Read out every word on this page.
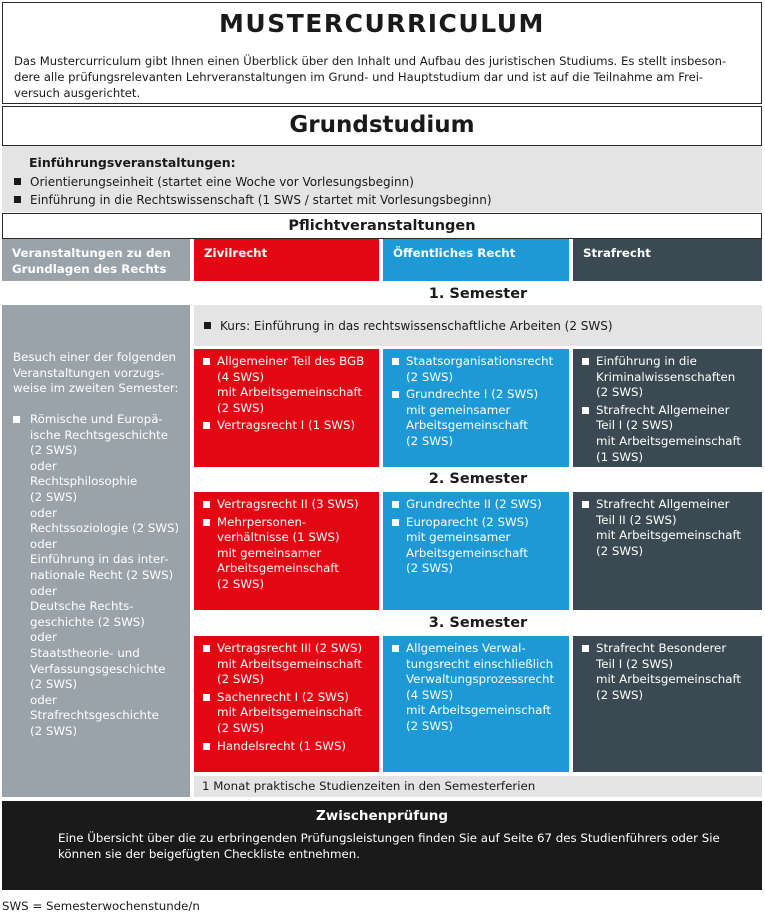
MUSTERCURRICULUM
Das Mustercurriculum gibt Ihnen einen Überblick über den Inhalt und Aufbau des juristischen Studiums. Es stellt insbeson-
dere alle prüfungsrelevanten Lehrveranstaltungen im Grund- und Hauptstudium dar und ist auf die Teilnahme am Frei-
versuch ausgerichtet.
Grundstudium
Einführungsveranstaltungen:
Orientierungseinheit (startet eine Woche vor Vorlesungsbeginn)
Einführung in die Rechtswissenschaft (1 SWS / startet mit Vorlesungsbeginn)
Pflichtveranstaltungen
Veranstaltungen zu den
Grundlagen des Rechts
Zivilrecht	Öffentliches Recht	Strafrecht
1. Semester
2. Semester
3. Semester
Besuch einer der folgenden
Veranstaltungen vorzugs-
weise im zweiten Semester:
Römische und Europä-
ische Rechtsgeschichte
(2 SWS)
oder
Rechtsphilosophie
(2 SWS)
oder
Rechtssoziologie (2 SWS)
oder
Einführung in das inter-
nationale Recht (2 SWS)
oder
Deutsche Rechts-
geschichte (2 SWS)
oder
Staatstheorie- und
Verfassungsgeschichte
(2 SWS)
oder
Strafrechtsgeschichte
(2 SWS)
Kurs: Einführung in das rechtswissenschaftliche Arbeiten (2 SWS)
Allgemeiner Teil des BGB
(4 SWS)
mit Arbeitsgemeinschaft
(2 SWS)
Vertragsrecht I (1 SWS)
Staatsorganisationsrecht
(2 SWS)
Grundrechte I (2 SWS)
mit gemeinsamer
Arbeitsgemeinschaft
(2 SWS)
Einführung in die
Kriminalwissenschaften
(2 SWS)
Strafrecht Allgemeiner
Teil I (2 SWS)
mit Arbeitsgemeinschaft
(1 SWS)
Vertragsrecht II (3 SWS)
Mehrpersonen-
verhältnisse (1 SWS)
mit gemeinsamer
Arbeitsgemeinschaft
(2 SWS)
Grundrechte II (2 SWS)
Europarecht (2 SWS)
mit gemeinsamer
Arbeitsgemeinschaft
(2 SWS)
Strafrecht Allgemeiner
Teil II (2 SWS)
mit Arbeitsgemeinschaft
(2 SWS)
Vertragsrecht III (2 SWS)
mit Arbeitsgemeinschaft
(2 SWS)
Sachenrecht I (2 SWS)
mit Arbeitsgemeinschaft
(2 SWS)
Handelsrecht (1 SWS)
Allgemeines Verwal-
tungsrecht einschließlich
Verwaltungsprozessrecht
(4 SWS)
mit Arbeitsgemeinschaft
(2 SWS)
Strafrecht Besonderer
Teil I (2 SWS)
mit Arbeitsgemeinschaft
(2 SWS)
1 Monat praktische Studienzeiten in den Semesterferien
Zwischenprüfung
Eine Übersicht über die zu erbringenden Prüfungsleistungen finden Sie auf Seite 67 des Studienführers oder Sie
können sie der beigefügten Checkliste entnehmen.
SWS = Semesterwochenstunde/n
